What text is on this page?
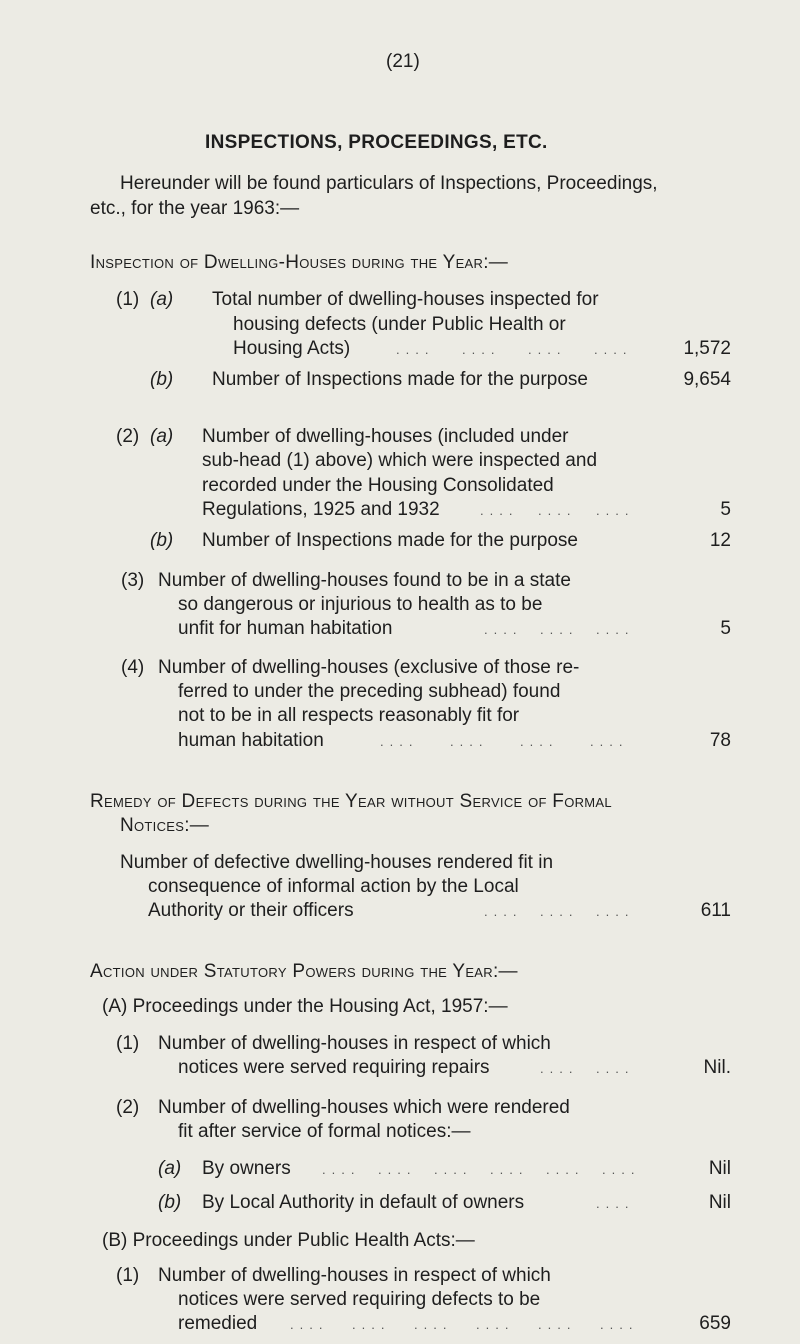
(21)
INSPECTIONS, PROCEEDINGS, ETC.
Hereunder will be found particulars of Inspections, Proceedings,
etc., for the year 1963:—
Inspection of Dwelling-Houses during the Year:—
(1) (a) Total number of dwelling-houses inspected for
housing defects (under Public Health or
Housing Acts)	.... .... .... ....	1,572
(b) Number of Inspections made for the purpose	9,654
(2) (a) Number of dwelling-houses (included under
sub-head (1) above) which were inspected and
recorded under the Housing Consolidated
Regulations, 1925 and 1932	.... .... ....	5
(b) Number of Inspections made for the purpose	12
(3) Number of dwelling-houses found to be in a state
so dangerous or injurious to health as to be
unfit for human habitation	.... .... ....	5
(4) Number of dwelling-houses (exclusive of those re-
ferred to under the preceding subhead) found
not to be in all respects reasonably fit for
human habitation	.... .... .... ....	78
Remedy of Defects during the Year without Service of Formal
Notices:—
Number of defective dwelling-houses rendered fit in
consequence of informal action by the Local
Authority or their officers	.... .... ....	611
Action under Statutory Powers during the Year:—
(A) Proceedings under the Housing Act, 1957:—
(1) Number of dwelling-houses in respect of which
notices were served requiring repairs	.... ....	Nil.
(2) Number of dwelling-houses which were rendered
fit after service of formal notices:—
(a) By owners .... .... .... .... .... ....	Nil
(b) By Local Authority in default of owners	....	Nil
(B) Proceedings under Public Health Acts:—
(1) Number of dwelling-houses in respect of which
notices were served requiring defects to be
remedied	.... .... .... .... .... ....	659
